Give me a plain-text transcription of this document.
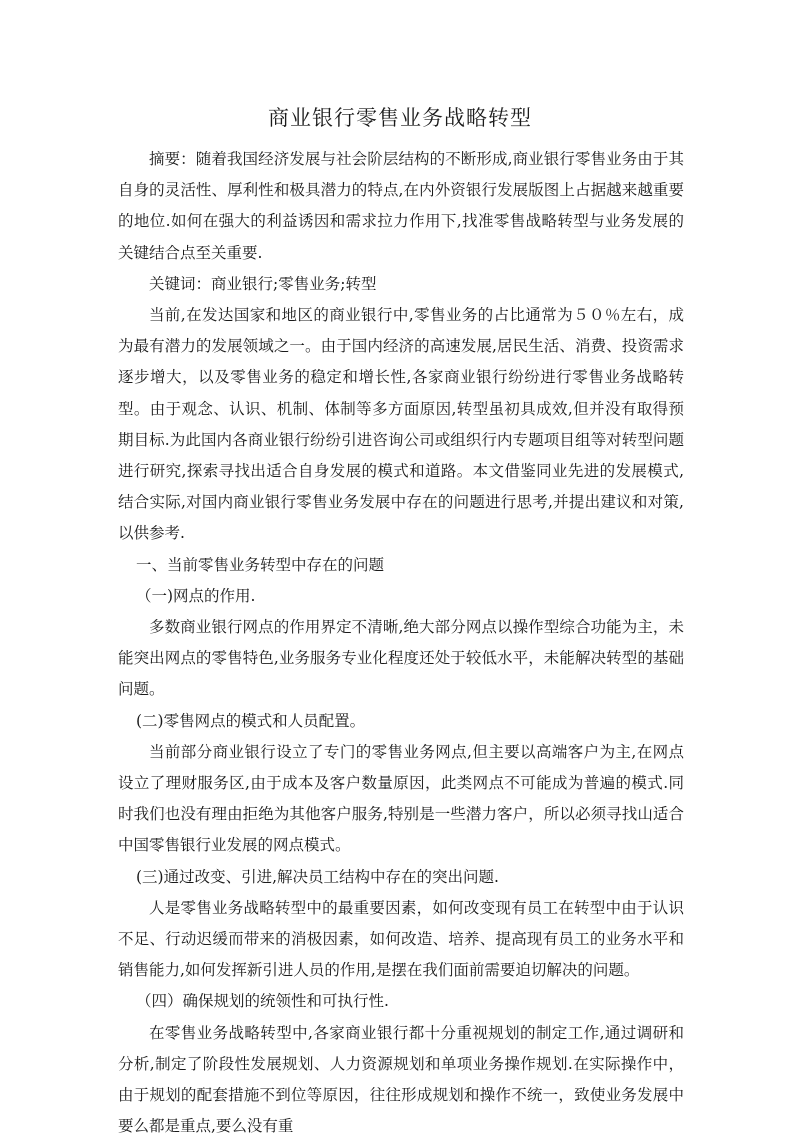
商业银行零售业务战略转型

摘要：随着我国经济发展与社会阶层结构的不断形成,商业银行零售业务由于其自身的灵活性、厚利性和极具潜力的特点,在内外资银行发展版图上占据越来越重要的地位.如何在强大的利益诱因和需求拉力作用下,找准零售战略转型与业务发展的关键结合点至关重要.

关键词：商业银行;零售业务;转型

当前,在发达国家和地区的商业银行中,零售业务的占比通常为５０％左右，成为最有潜力的发展领域之一。由于国内经济的高速发展,居民生活、消费、投资需求逐步增大，以及零售业务的稳定和增长性,各家商业银行纷纷进行零售业务战略转型。由于观念、认识、机制、体制等多方面原因,转型虽初具成效,但并没有取得预期目标.为此国内各商业银行纷纷引进咨询公司或组织行内专题项目组等对转型问题进行研究,探索寻找出适合自身发展的模式和道路。本文借鉴同业先进的发展模式,结合实际,对国内商业银行零售业务发展中存在的问题进行思考,并提出建议和对策,以供参考.

一、当前零售业务转型中存在的问题

（一)网点的作用.

多数商业银行网点的作用界定不清晰,绝大部分网点以操作型综合功能为主，未能突出网点的零售特色,业务服务专业化程度还处于较低水平，未能解决转型的基础问题。

(二)零售网点的模式和人员配置。

当前部分商业银行设立了专门的零售业务网点,但主要以高端客户为主,在网点设立了理财服务区,由于成本及客户数量原因，此类网点不可能成为普遍的模式.同时我们也没有理由拒绝为其他客户服务,特别是一些潜力客户，所以必须寻找山适合中国零售银行业发展的网点模式。

(三)通过改变、引进,解决员工结构中存在的突出问题.

人是零售业务战略转型中的最重要因素，如何改变现有员工在转型中由于认识不足、行动迟缓而带来的消极因素，如何改造、培养、提高现有员工的业务水平和销售能力,如何发挥新引进人员的作用,是摆在我们面前需要迫切解决的问题。

（四）确保规划的统领性和可执行性.

在零售业务战略转型中,各家商业银行都十分重视规划的制定工作,通过调研和分析,制定了阶段性发展规划、人力资源规划和单项业务操作规划.在实际操作中，由于规划的配套措施不到位等原因，往往形成规划和操作不统一，致使业务发展中要么都是重点,要么没有重
